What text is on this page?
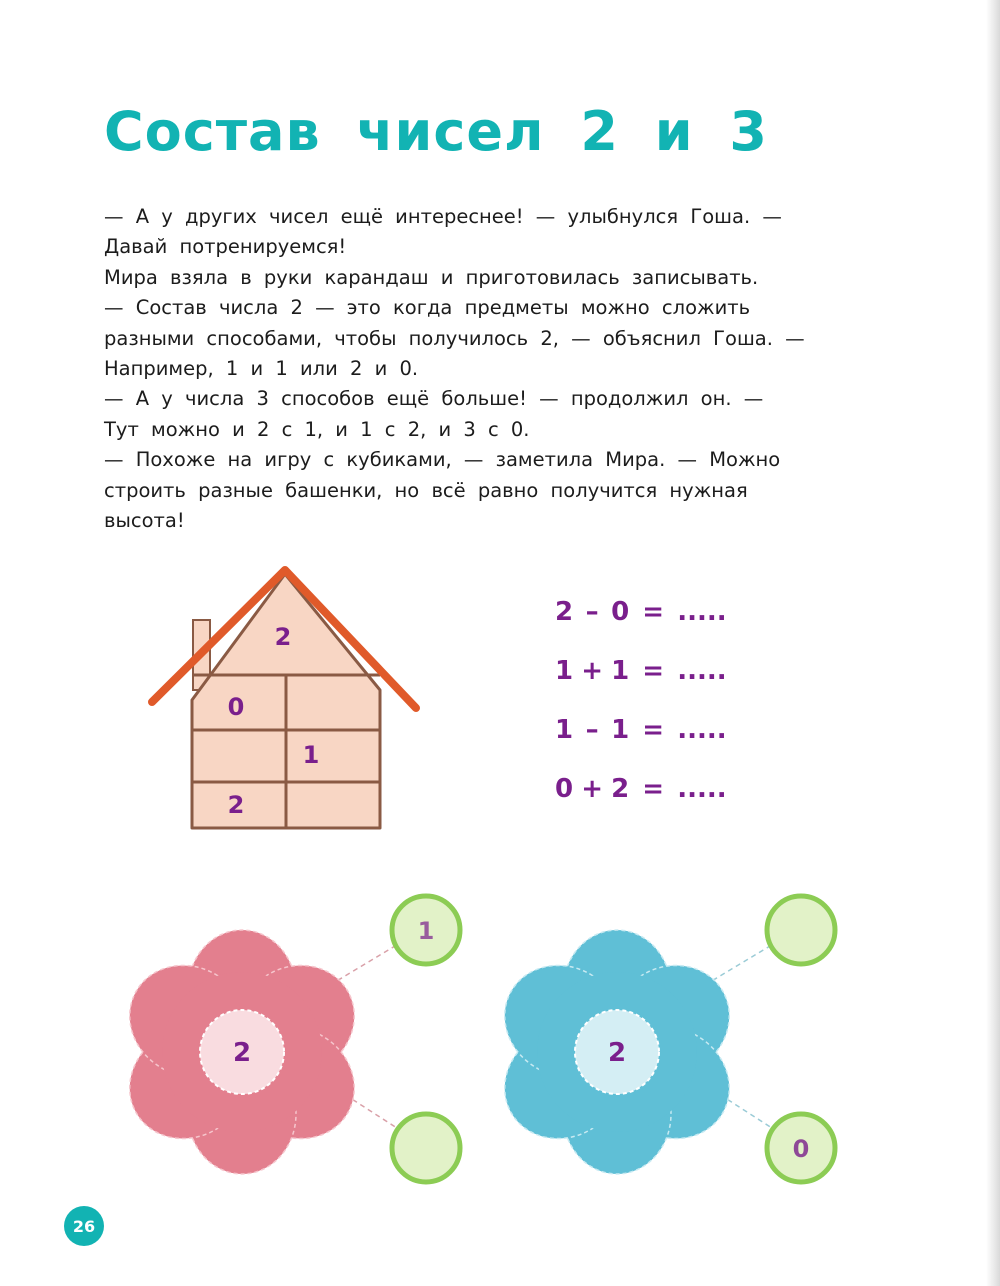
Состав чисел 2 и 3

— А у других чисел ещё интереснее! — улыбнулся Гоша. —

Давай потренируемся!

Мира взяла в руки карандаш и приготовилась записывать.

— Состав числа 2 — это когда предметы можно сложить

разными способами, чтобы получилось 2, — объяснил Гоша. —

Например, 1 и 1 или 2 и 0.

— А у числа 3 способов ещё больше! — продолжил он. —

Тут можно и 2 с 1, и 1 с 2, и 3 с 0.

— Похоже на игру с кубиками, — заметила Мира. — Можно

строить разные башенки, но всё равно получится нужная

высота!

2
0
1
2
2 – 0 = .....
1 + 1 = .....
1 – 1 = .....
0 + 2 = .....
2
1
2
0
26
